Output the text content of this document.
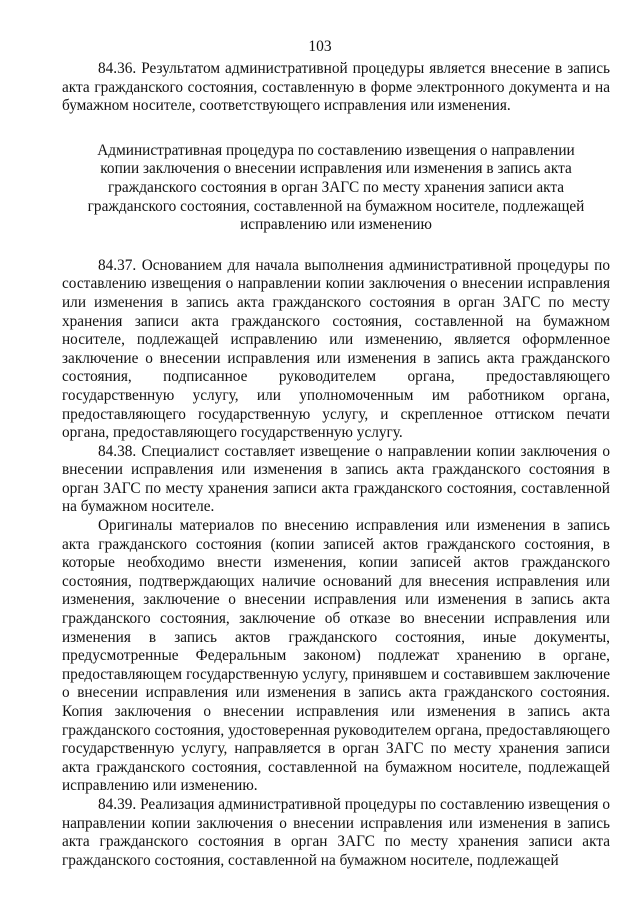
103

84.36. Результатом административной процедуры является внесение в запись акта гражданского состояния, составленную в форме электронного документа и на бумажном носителе, соответствующего исправления или изменения.

Административная процедура по составлению извещения о направлении копии заключения о внесении исправления или изменения в запись акта гражданского состояния в орган ЗАГС по месту хранения записи акта гражданского состояния, составленной на бумажном носителе, подлежащей исправлению или изменению

84.37. Основанием для начала выполнения административной процедуры по составлению извещения о направлении копии заключения о внесении исправления или изменения в запись акта гражданского состояния в орган ЗАГС по месту хранения записи акта гражданского состояния, составленной на бумажном носителе, подлежащей исправлению или изменению, является оформленное заключение о внесении исправления или изменения в запись акта гражданского состояния, подписанное руководителем органа, предоставляющего государственную услугу, или уполномоченным им работником органа, предоставляющего государственную услугу, и скрепленное оттиском печати органа, предоставляющего государственную услугу.

84.38. Специалист составляет извещение о направлении копии заключения о внесении исправления или изменения в запись акта гражданского состояния в орган ЗАГС по месту хранения записи акта гражданского состояния, составленной на бумажном носителе.

Оригиналы материалов по внесению исправления или изменения в запись акта гражданского состояния (копии записей актов гражданского состояния, в которые необходимо внести изменения, копии записей актов гражданского состояния, подтверждающих наличие оснований для внесения исправления или изменения, заключение о внесении исправления или изменения в запись акта гражданского состояния, заключение об отказе во внесении исправления или изменения в запись актов гражданского состояния, иные документы, предусмотренные Федеральным законом) подлежат хранению в органе, предоставляющем государственную услугу, принявшем и составившем заключение о внесении исправления или изменения в запись акта гражданского состояния. Копия заключения о внесении исправления или изменения в запись акта гражданского состояния, удостоверенная руководителем органа, предоставляющего государственную услугу, направляется в орган ЗАГС по месту хранения записи акта гражданского состояния, составленной на бумажном носителе, подлежащей исправлению или изменению.

84.39. Реализация административной процедуры по составлению извещения о направлении копии заключения о внесении исправления или изменения в запись акта гражданского состояния в орган ЗАГС по месту хранения записи акта гражданского состояния, составленной на бумажном носителе, подлежащей
